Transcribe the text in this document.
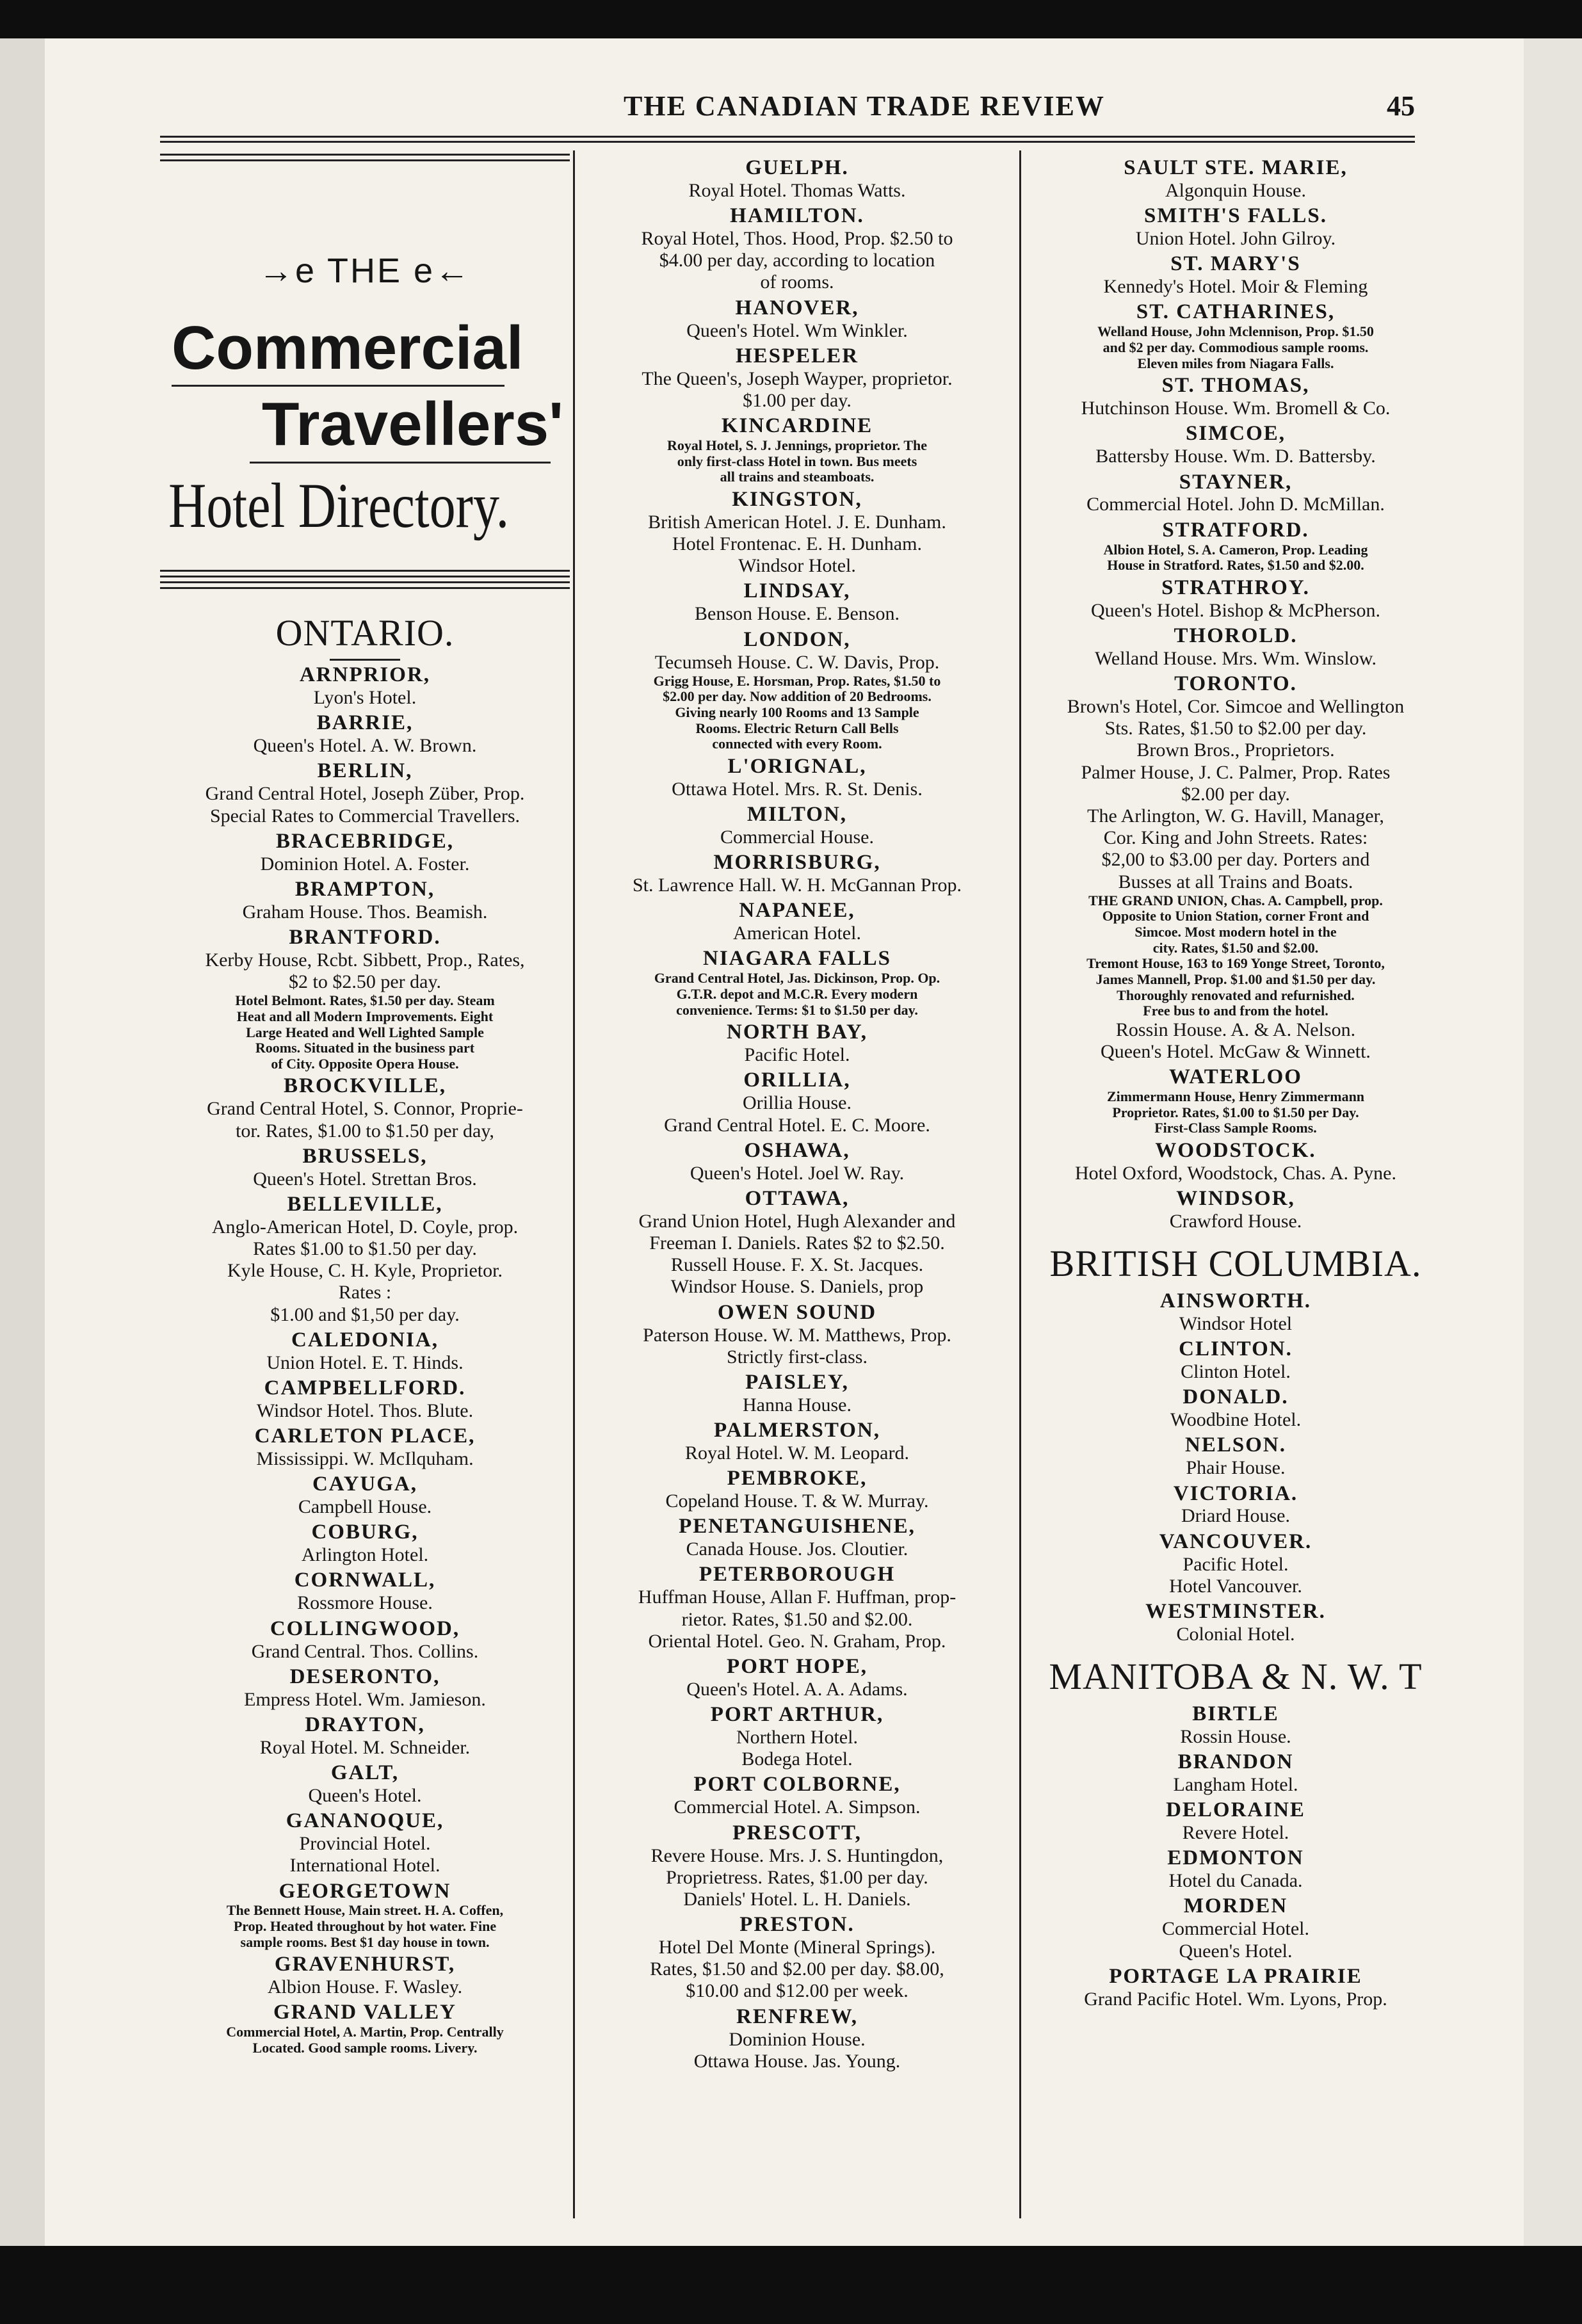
THE CANADIAN TRADE REVIEW	45
→e THE e←
Commercial
Travellers'
Hotel Directory.
ONTARIO.
ARNPRIOR,
Lyon's Hotel.
BARRIE,
Queen's Hotel. A. W. Brown.
BERLIN,
Grand Central Hotel, Joseph Züber, Prop.
Special Rates to Commercial Travellers.
BRACEBRIDGE,
Dominion Hotel. A. Foster.
BRAMPTON,
Graham House. Thos. Beamish.
BRANTFORD.
Kerby House, Rcbt. Sibbett, Prop., Rates,
$2 to $2.50 per day.
Hotel Belmont. Rates, $1.50 per day. Steam
Heat and all Modern Improvements. Eight
Large Heated and Well Lighted Sample
Rooms. Situated in the business part
of City. Opposite Opera House.
BROCKVILLE,
Grand Central Hotel, S. Connor, Proprie-
tor. Rates, $1.00 to $1.50 per day,
BRUSSELS,
Queen's Hotel. Strettan Bros.
BELLEVILLE,
Anglo-American Hotel, D. Coyle, prop.
Rates $1.00 to $1.50 per day.
Kyle House, C. H. Kyle, Proprietor.
Rates :
$1.00 and $1,50 per day.
CALEDONIA,
Union Hotel. E. T. Hinds.
CAMPBELLFORD.
Windsor Hotel. Thos. Blute.
CARLETON PLACE,
Mississippi. W. McIlquham.
CAYUGA,
Campbell House.
COBURG,
Arlington Hotel.
CORNWALL,
Rossmore House.
COLLINGWOOD,
Grand Central. Thos. Collins.
DESERONTO,
Empress Hotel. Wm. Jamieson.
DRAYTON,
Royal Hotel. M. Schneider.
GALT,
Queen's Hotel.
GANANOQUE,
Provincial Hotel.
International Hotel.
GEORGETOWN
The Bennett House, Main street. H. A. Coffen,
Prop. Heated throughout by hot water. Fine
sample rooms. Best $1 day house in town.
GRAVENHURST,
Albion House. F. Wasley.
GRAND VALLEY
Commercial Hotel, A. Martin, Prop. Centrally
Located. Good sample rooms. Livery.
GUELPH.
Royal Hotel. Thomas Watts.
HAMILTON.
Royal Hotel, Thos. Hood, Prop. $2.50 to
$4.00 per day, according to location
of rooms.
HANOVER,
Queen's Hotel. Wm Winkler.
HESPELER
The Queen's, Joseph Wayper, proprietor.
$1.00 per day.
KINCARDINE
Royal Hotel, S. J. Jennings, proprietor. The
only first-class Hotel in town. Bus meets
all trains and steamboats.
KINGSTON,
British American Hotel. J. E. Dunham.
Hotel Frontenac. E. H. Dunham.
Windsor Hotel.
LINDSAY,
Benson House. E. Benson.
LONDON,
Tecumseh House. C. W. Davis, Prop.
Grigg House, E. Horsman, Prop. Rates, $1.50 to
$2.00 per day. Now addition of 20 Bedrooms.
Giving nearly 100 Rooms and 13 Sample
Rooms. Electric Return Call Bells
connected with every Room.
L'ORIGNAL,
Ottawa Hotel. Mrs. R. St. Denis.
MILTON,
Commercial House.
MORRISBURG,
St. Lawrence Hall. W. H. McGannan Prop.
NAPANEE,
American Hotel.
NIAGARA FALLS
Grand Central Hotel, Jas. Dickinson, Prop. Op.
G.T.R. depot and M.C.R. Every modern
convenience. Terms: $1 to $1.50 per day.
NORTH BAY,
Pacific Hotel.
ORILLIA,
Orillia House.
Grand Central Hotel. E. C. Moore.
OSHAWA,
Queen's Hotel. Joel W. Ray.
OTTAWA,
Grand Union Hotel, Hugh Alexander and
Freeman I. Daniels. Rates $2 to $2.50.
Russell House. F. X. St. Jacques.
Windsor House. S. Daniels, prop
OWEN SOUND
Paterson House. W. M. Matthews, Prop.
Strictly first-class.
PAISLEY,
Hanna House.
PALMERSTON,
Royal Hotel. W. M. Leopard.
PEMBROKE,
Copeland House. T. & W. Murray.
PENETANGUISHENE,
Canada House. Jos. Cloutier.
PETERBOROUGH
Huffman House, Allan F. Huffman, prop-
rietor. Rates, $1.50 and $2.00.
Oriental Hotel. Geo. N. Graham, Prop.
PORT HOPE,
Queen's Hotel. A. A. Adams.
PORT ARTHUR,
Northern Hotel.
Bodega Hotel.
PORT COLBORNE,
Commercial Hotel. A. Simpson.
PRESCOTT,
Revere House. Mrs. J. S. Huntingdon,
Proprietress. Rates, $1.00 per day.
Daniels' Hotel. L. H. Daniels.
PRESTON.
Hotel Del Monte (Mineral Springs).
Rates, $1.50 and $2.00 per day. $8.00,
$10.00 and $12.00 per week.
RENFREW,
Dominion House.
Ottawa House. Jas. Young.
SAULT STE. MARIE,
Algonquin House.
SMITH'S FALLS.
Union Hotel. John Gilroy.
ST. MARY'S
Kennedy's Hotel. Moir & Fleming
ST. CATHARINES,
Welland House, John Mclennison, Prop. $1.50
and $2 per day. Commodious sample rooms.
Eleven miles from Niagara Falls.
ST. THOMAS,
Hutchinson House. Wm. Bromell & Co.
SIMCOE,
Battersby House. Wm. D. Battersby.
STAYNER,
Commercial Hotel. John D. McMillan.
STRATFORD.
Albion Hotel, S. A. Cameron, Prop. Leading
House in Stratford. Rates, $1.50 and $2.00.
STRATHROY.
Queen's Hotel. Bishop & McPherson.
THOROLD.
Welland House. Mrs. Wm. Winslow.
TORONTO.
Brown's Hotel, Cor. Simcoe and Wellington
Sts. Rates, $1.50 to $2.00 per day.
Brown Bros., Proprietors.
Palmer House, J. C. Palmer, Prop. Rates
$2.00 per day.
The Arlington, W. G. Havill, Manager,
Cor. King and John Streets. Rates:
$2,00 to $3.00 per day. Porters and
Busses at all Trains and Boats.
THE GRAND UNION, Chas. A. Campbell, prop.
Opposite to Union Station, corner Front and
Simcoe. Most modern hotel in the
city. Rates, $1.50 and $2.00.
Tremont House, 163 to 169 Yonge Street, Toronto,
James Mannell, Prop. $1.00 and $1.50 per day.
Thoroughly renovated and refurnished.
Free bus to and from the hotel.
Rossin House. A. & A. Nelson.
Queen's Hotel. McGaw & Winnett.
WATERLOO
Zimmermann House, Henry Zimmermann
Proprietor. Rates, $1.00 to $1.50 per Day.
First-Class Sample Rooms.
WOODSTOCK.
Hotel Oxford, Woodstock, Chas. A. Pyne.
WINDSOR,
Crawford House.
BRITISH COLUMBIA.
AINSWORTH.
Windsor Hotel
CLINTON.
Clinton Hotel.
DONALD.
Woodbine Hotel.
NELSON.
Phair House.
VICTORIA.
Driard House.
VANCOUVER.
Pacific Hotel.
Hotel Vancouver.
WESTMINSTER.
Colonial Hotel.
MANITOBA & N. W. T
BIRTLE
Rossin House.
BRANDON
Langham Hotel.
DELORAINE
Revere Hotel.
EDMONTON
Hotel du Canada.
MORDEN
Commercial Hotel.
Queen's Hotel.
PORTAGE LA PRAIRIE
Grand Pacific Hotel. Wm. Lyons, Prop.
